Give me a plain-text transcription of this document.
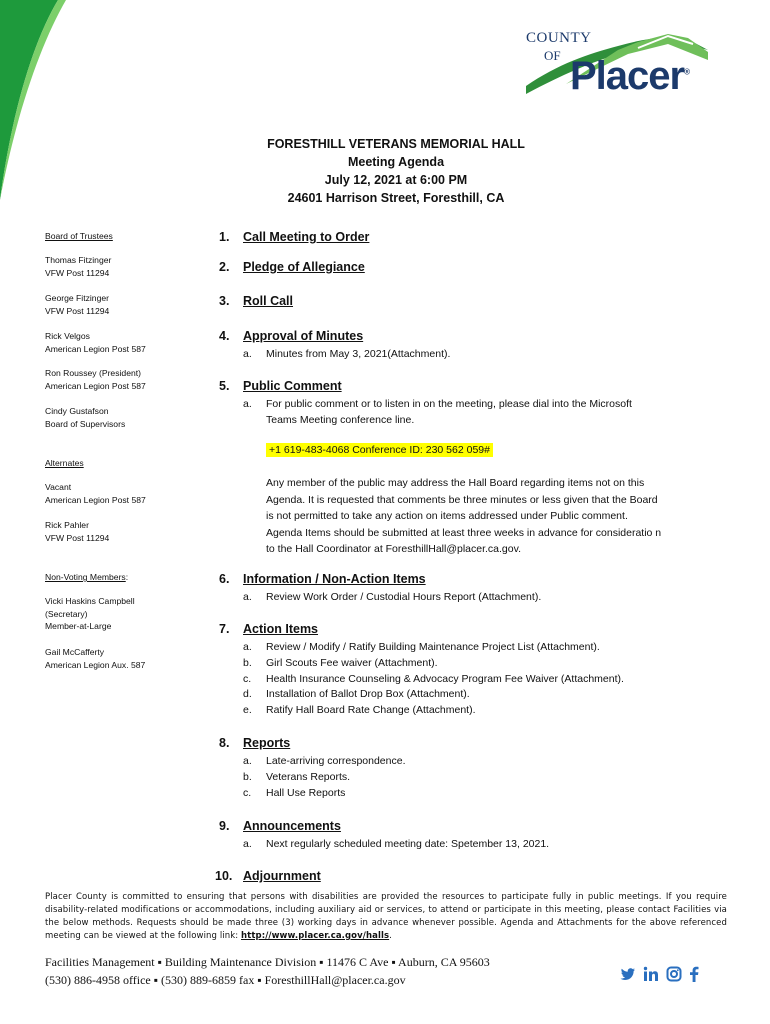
COUNTY
OF Placer®
FORESTHILL VETERANS MEMORIAL HALL
Meeting Agenda
July 12, 2021 at 6:00 PM
24601 Harrison Street, Foresthill, CA
Board of Trustees
Thomas Fitzinger
VFW Post 11294
George Fitzinger
VFW Post 11294
Rick Velgos
American Legion Post 587
Ron Roussey (President)
American Legion Post 587
Cindy Gustafson
Board of Supervisors
Alternates
Vacant
American Legion Post 587
Rick Pahler
VFW Post 11294
Non-Voting Members:
Vicki Haskins Campbell
(Secretary)
Member-at-Large
Gail McCafferty
American Legion Aux. 587
1. Call Meeting to Order
2. Pledge of Allegiance
3. Roll Call
4. Approval of Minutes
a. Minutes from May 3, 2021(Attachment).
5. Public Comment
a. For public comment or to listen in on the meeting, please dial into the Microsoft
Teams Meeting conference line.
+1 619-483-4068 Conference ID: 230 562 059#
Any member of the public may address the Hall Board regarding items not on this
Agenda. It is requested that comments be three minutes or less given that the Board
is not permitted to take any action on items addressed under Public comment.
Agenda Items should be submitted at least three weeks in advance for consideratio n
to the Hall Coordinator at ForesthillHall@placer.ca.gov.
6. Information / Non-Action Items
a. Review Work Order / Custodial Hours Report (Attachment).
7. Action Items
a. Review / Modify / Ratify Building Maintenance Project List (Attachment).
b. Girl Scouts Fee waiver (Attachment).
c. Health Insurance Counseling & Advocacy Program Fee Waiver (Attachment).
d. Installation of Ballot Drop Box (Attachment).
e. Ratify Hall Board Rate Change (Attachment).
8. Reports
a. Late-arriving correspondence.
b. Veterans Reports.
c. Hall Use Reports
9. Announcements
a. Next regularly scheduled meeting date: Spetember 13, 2021.
10. Adjournment
Placer County is committed to ensuring that persons with disabilities are provided the resources to participate fully in public meetings. If you require disability-related modifications or accommodations, including auxiliary aid or services, to attend or participate in this meeting, please contact Facilities via the below methods. Requests should be made three (3) working days in advance whenever possible. Agenda and Attachments for the above referenced meeting can be viewed at the following link: http://www.placer.ca.gov/halls.
Facilities Management ▪ Building Maintenance Division ▪ 11476 C Ave ▪ Auburn, CA 95603
(530) 886-4958 office ▪ (530) 889-6859 fax ▪ ForesthillHall@placer.ca.gov
